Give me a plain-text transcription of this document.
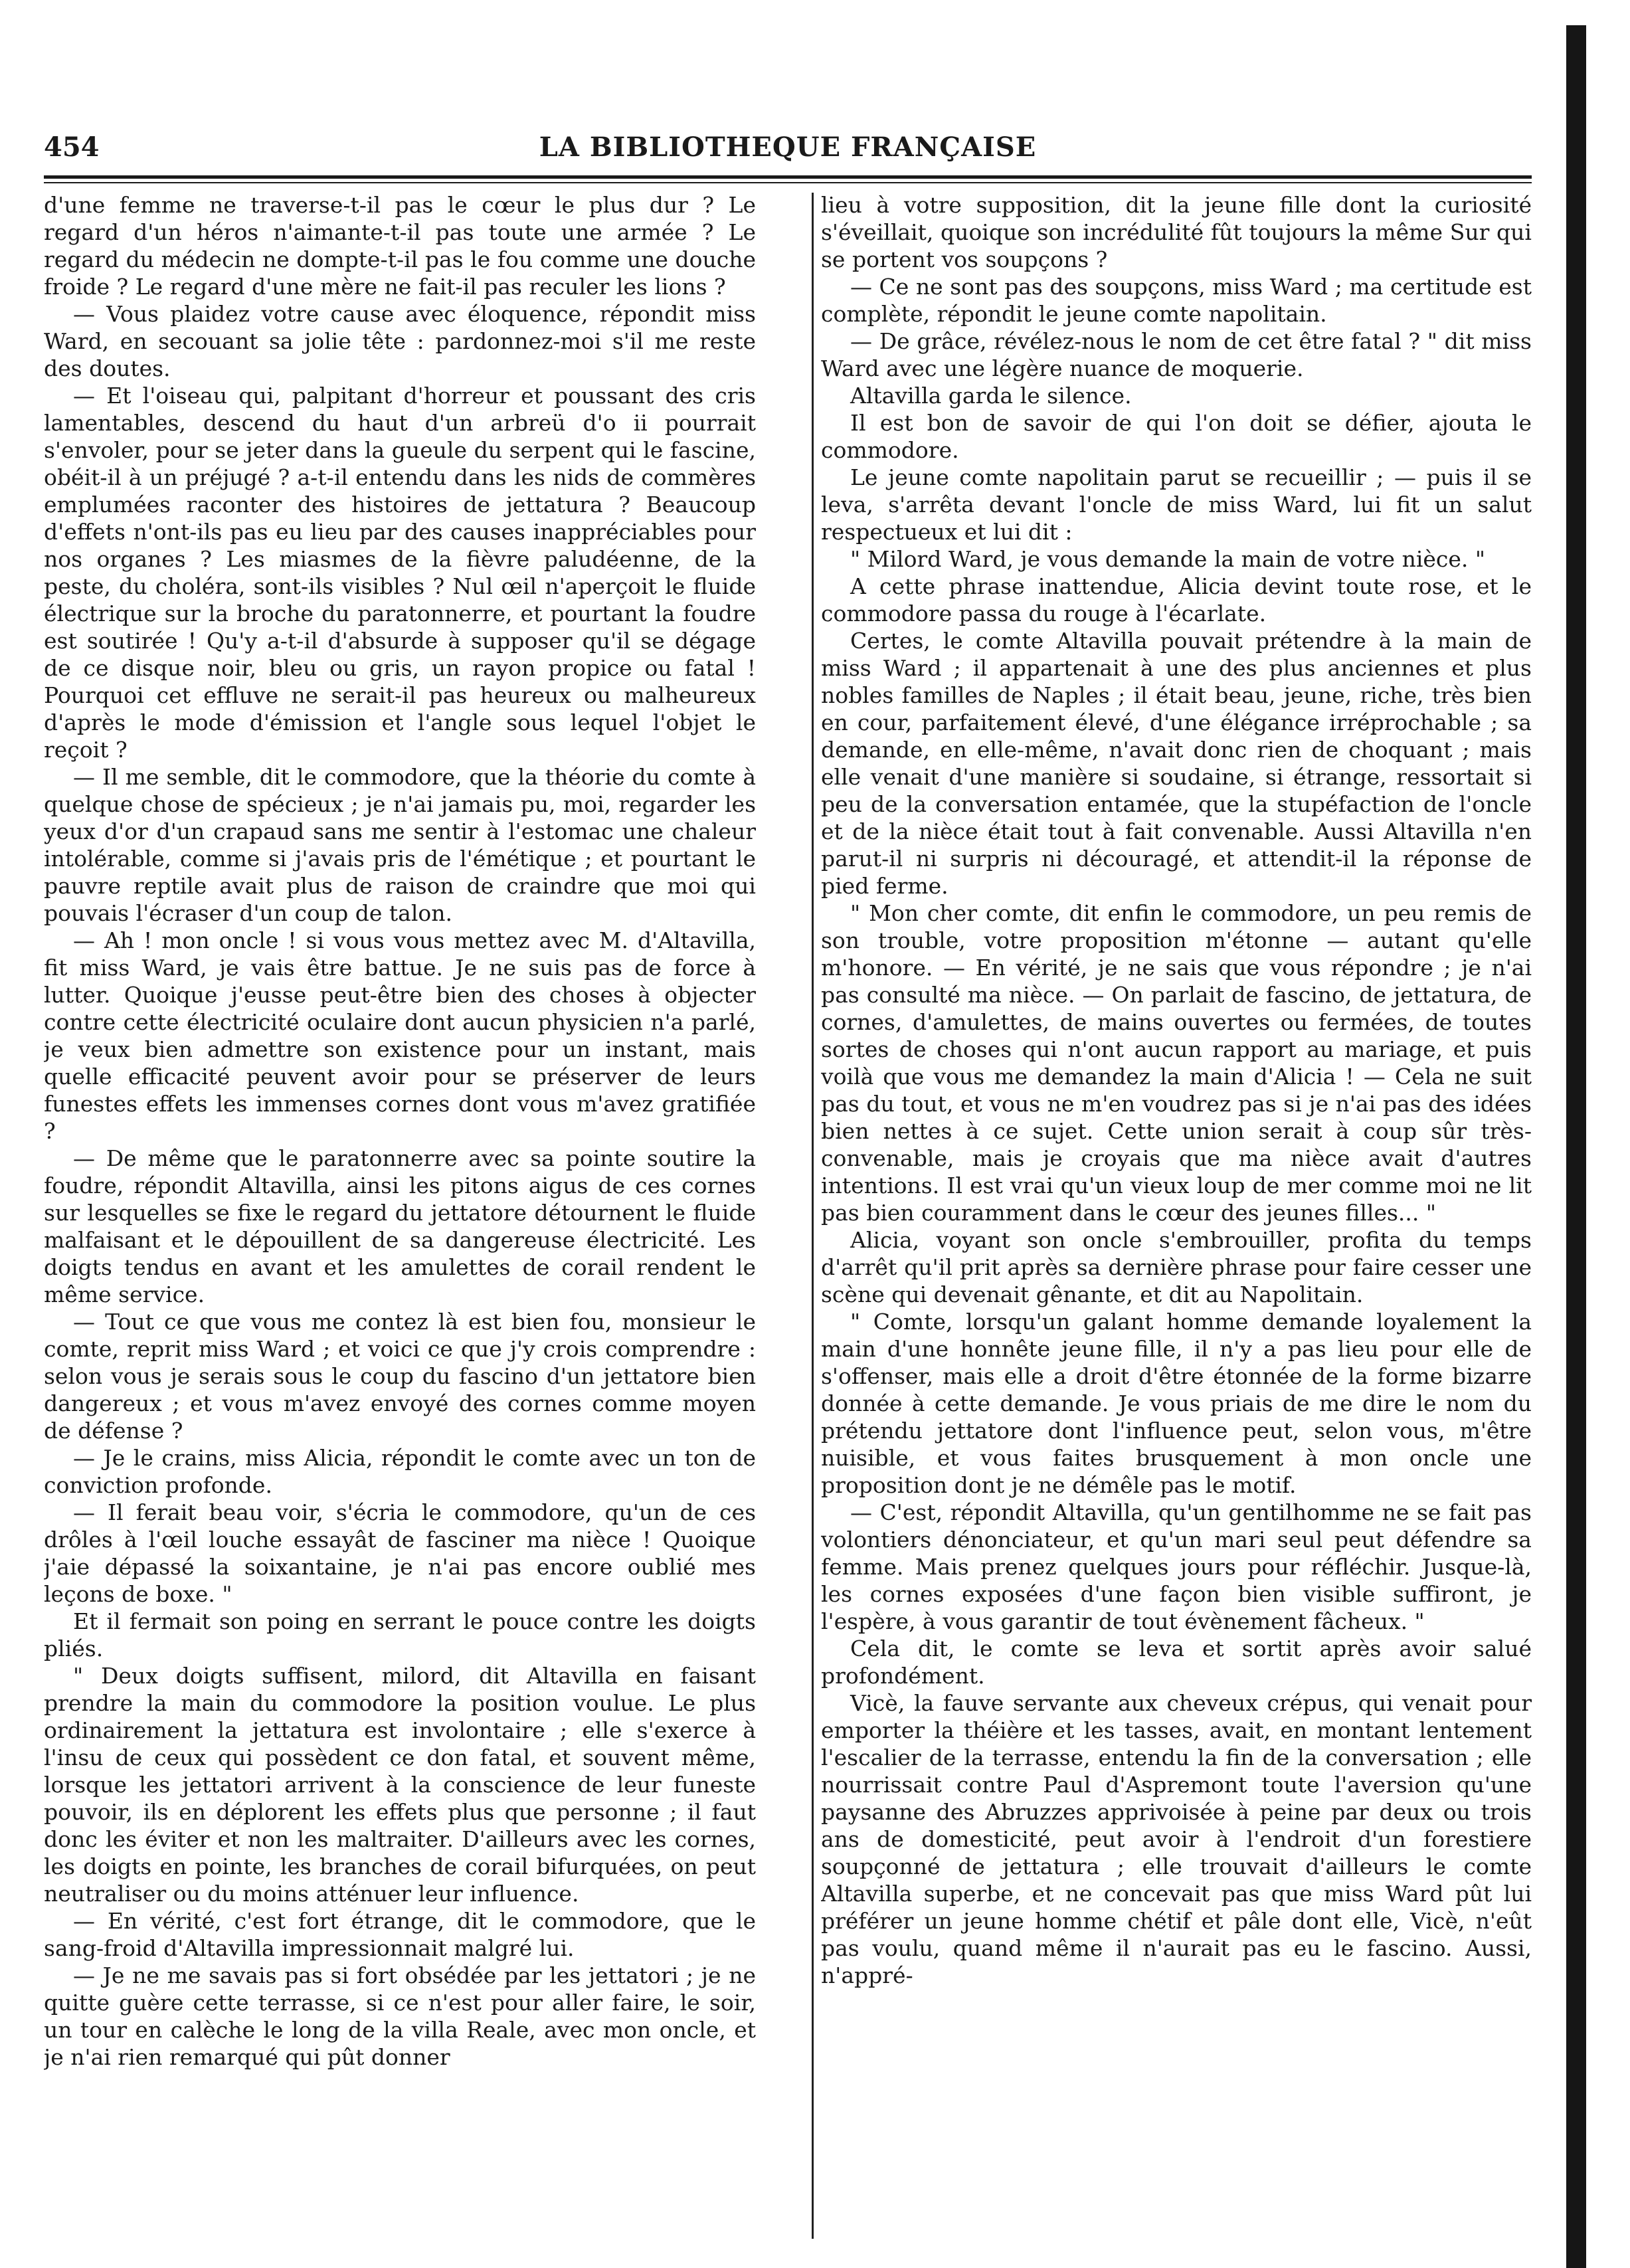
454	LA BIBLIOTHEQUE FRANÇAISE

d'une femme ne traverse-t-il pas le cœur le plus dur ? Le regard d'un héros n'aimante-t-il pas toute une armée ? Le regard du médecin ne dompte-t-il pas le fou comme une douche froide ? Le regard d'une mère ne fait-il pas reculer les lions ?

— Vous plaidez votre cause avec éloquence, répondit miss Ward, en secouant sa jolie tête : pardonnez-moi s'il me reste des doutes.

— Et l'oiseau qui, palpitant d'horreur et poussant des cris lamentables, descend du haut d'un arbreü d'o ii pourrait s'envoler, pour se jeter dans la gueule du serpent qui le fascine, obéit-il à un préjugé ? a-t-il entendu dans les nids de commères emplumées raconter des histoires de jettatura ? Beaucoup d'effets n'ont-ils pas eu lieu par des causes inappréciables pour nos organes ? Les miasmes de la fièvre paludéenne, de la peste, du choléra, sont-ils visibles ? Nul œil n'aperçoit le fluide électrique sur la broche du paratonnerre, et pourtant la foudre est soutirée ! Qu'y a-t-il d'absurde à supposer qu'il se dégage de ce disque noir, bleu ou gris, un rayon propice ou fatal ! Pourquoi cet effluve ne serait-il pas heureux ou malheureux d'après le mode d'émission et l'angle sous lequel l'objet le reçoit ?

— Il me semble, dit le commodore, que la théorie du comte à quelque chose de spécieux ; je n'ai jamais pu, moi, regarder les yeux d'or d'un crapaud sans me sentir à l'estomac une chaleur intolérable, comme si j'avais pris de l'émétique ; et pourtant le pauvre reptile avait plus de raison de craindre que moi qui pouvais l'écraser d'un coup de talon.

— Ah ! mon oncle ! si vous vous mettez avec M. d'Altavilla, fit miss Ward, je vais être battue. Je ne suis pas de force à lutter. Quoique j'eusse peut-être bien des choses à objecter contre cette électricité oculaire dont aucun physicien n'a parlé, je veux bien admettre son existence pour un instant, mais quelle efficacité peuvent avoir pour se préserver de leurs funestes effets les immenses cornes dont vous m'avez gratifiée ?

— De même que le paratonnerre avec sa pointe soutire la foudre, répondit Altavilla, ainsi les pitons aigus de ces cornes sur lesquelles se fixe le regard du jettatore détournent le fluide malfaisant et le dépouillent de sa dangereuse électricité. Les doigts tendus en avant et les amulettes de corail rendent le même service.

— Tout ce que vous me contez là est bien fou, monsieur le comte, reprit miss Ward ; et voici ce que j'y crois comprendre : selon vous je serais sous le coup du fascino d'un jettatore bien dangereux ; et vous m'avez envoyé des cornes comme moyen de défense ?

— Je le crains, miss Alicia, répondit le comte avec un ton de conviction profonde.

— Il ferait beau voir, s'écria le commodore, qu'un de ces drôles à l'œil louche essayât de fasciner ma nièce ! Quoique j'aie dépassé la soixantaine, je n'ai pas encore oublié mes leçons de boxe. "

Et il fermait son poing en serrant le pouce contre les doigts pliés.

" Deux doigts suffisent, milord, dit Altavilla en faisant prendre la main du commodore la position voulue. Le plus ordinairement la jettatura est involontaire ; elle s'exerce à l'insu de ceux qui possèdent ce don fatal, et souvent même, lorsque les jettatori arrivent à la conscience de leur funeste pouvoir, ils en déplorent les effets plus que personne ; il faut donc les éviter et non les maltraiter. D'ailleurs avec les cornes, les doigts en pointe, les branches de corail bifurquées, on peut neutraliser ou du moins atténuer leur influence.

— En vérité, c'est fort étrange, dit le commodore, que le sang-froid d'Altavilla impressionnait malgré lui.

— Je ne me savais pas si fort obsédée par les jettatori ; je ne quitte guère cette terrasse, si ce n'est pour aller faire, le soir, un tour en calèche le long de la villa Reale, avec mon oncle, et je n'ai rien remarqué qui pût donner

lieu à votre supposition, dit la jeune fille dont la curiosité s'éveillait, quoique son incrédulité fût toujours la même Sur qui se portent vos soupçons ?

— Ce ne sont pas des soupçons, miss Ward ; ma certitude est complète, répondit le jeune comte napolitain.

— De grâce, révélez-nous le nom de cet être fatal ? " dit miss Ward avec une légère nuance de moquerie.

Altavilla garda le silence.

Il est bon de savoir de qui l'on doit se défier, ajouta le commodore.

Le jeune comte napolitain parut se recueillir ; — puis il se leva, s'arrêta devant l'oncle de miss Ward, lui fit un salut respectueux et lui dit :

" Milord Ward, je vous demande la main de votre nièce. "

A cette phrase inattendue, Alicia devint toute rose, et le commodore passa du rouge à l'écarlate.

Certes, le comte Altavilla pouvait prétendre à la main de miss Ward ; il appartenait à une des plus anciennes et plus nobles familles de Naples ; il était beau, jeune, riche, très bien en cour, parfaitement élevé, d'une élégance irréprochable ; sa demande, en elle-même, n'avait donc rien de choquant ; mais elle venait d'une manière si soudaine, si étrange, ressortait si peu de la conversation entamée, que la stupéfaction de l'oncle et de la nièce était tout à fait convenable. Aussi Altavilla n'en parut-il ni surpris ni découragé, et attendit-il la réponse de pied ferme.

" Mon cher comte, dit enfin le commodore, un peu remis de son trouble, votre proposition m'étonne — autant qu'elle m'honore. — En vérité, je ne sais que vous répondre ; je n'ai pas consulté ma nièce. — On parlait de fascino, de jettatura, de cornes, d'amulettes, de mains ouvertes ou fermées, de toutes sortes de choses qui n'ont aucun rapport au mariage, et puis voilà que vous me demandez la main d'Alicia ! — Cela ne suit pas du tout, et vous ne m'en voudrez pas si je n'ai pas des idées bien nettes à ce sujet. Cette union serait à coup sûr très-convenable, mais je croyais que ma nièce avait d'autres intentions. Il est vrai qu'un vieux loup de mer comme moi ne lit pas bien couramment dans le cœur des jeunes filles... "

Alicia, voyant son oncle s'embrouiller, profita du temps d'arrêt qu'il prit après sa dernière phrase pour faire cesser une scène qui devenait gênante, et dit au Napolitain.

" Comte, lorsqu'un galant homme demande loyalement la main d'une honnête jeune fille, il n'y a pas lieu pour elle de s'offenser, mais elle a droit d'être étonnée de la forme bizarre donnée à cette demande. Je vous priais de me dire le nom du prétendu jettatore dont l'influence peut, selon vous, m'être nuisible, et vous faites brusquement à mon oncle une proposition dont je ne démêle pas le motif.

— C'est, répondit Altavilla, qu'un gentilhomme ne se fait pas volontiers dénonciateur, et qu'un mari seul peut défendre sa femme. Mais prenez quelques jours pour réfléchir. Jusque-là, les cornes exposées d'une façon bien visible suffiront, je l'espère, à vous garantir de tout évènement fâcheux. "

Cela dit, le comte se leva et sortit après avoir salué profondément.

Vicè, la fauve servante aux cheveux crépus, qui venait pour emporter la théière et les tasses, avait, en montant lentement l'escalier de la terrasse, entendu la fin de la conversation ; elle nourrissait contre Paul d'Aspremont toute l'aversion qu'une paysanne des Abruzzes apprivoisée à peine par deux ou trois ans de domesticité, peut avoir à l'endroit d'un forestiere soupçonné de jettatura ; elle trouvait d'ailleurs le comte Altavilla superbe, et ne concevait pas que miss Ward pût lui préférer un jeune homme chétif et pâle dont elle, Vicè, n'eût pas voulu, quand même il n'aurait pas eu le fascino. Aussi, n'appré-
